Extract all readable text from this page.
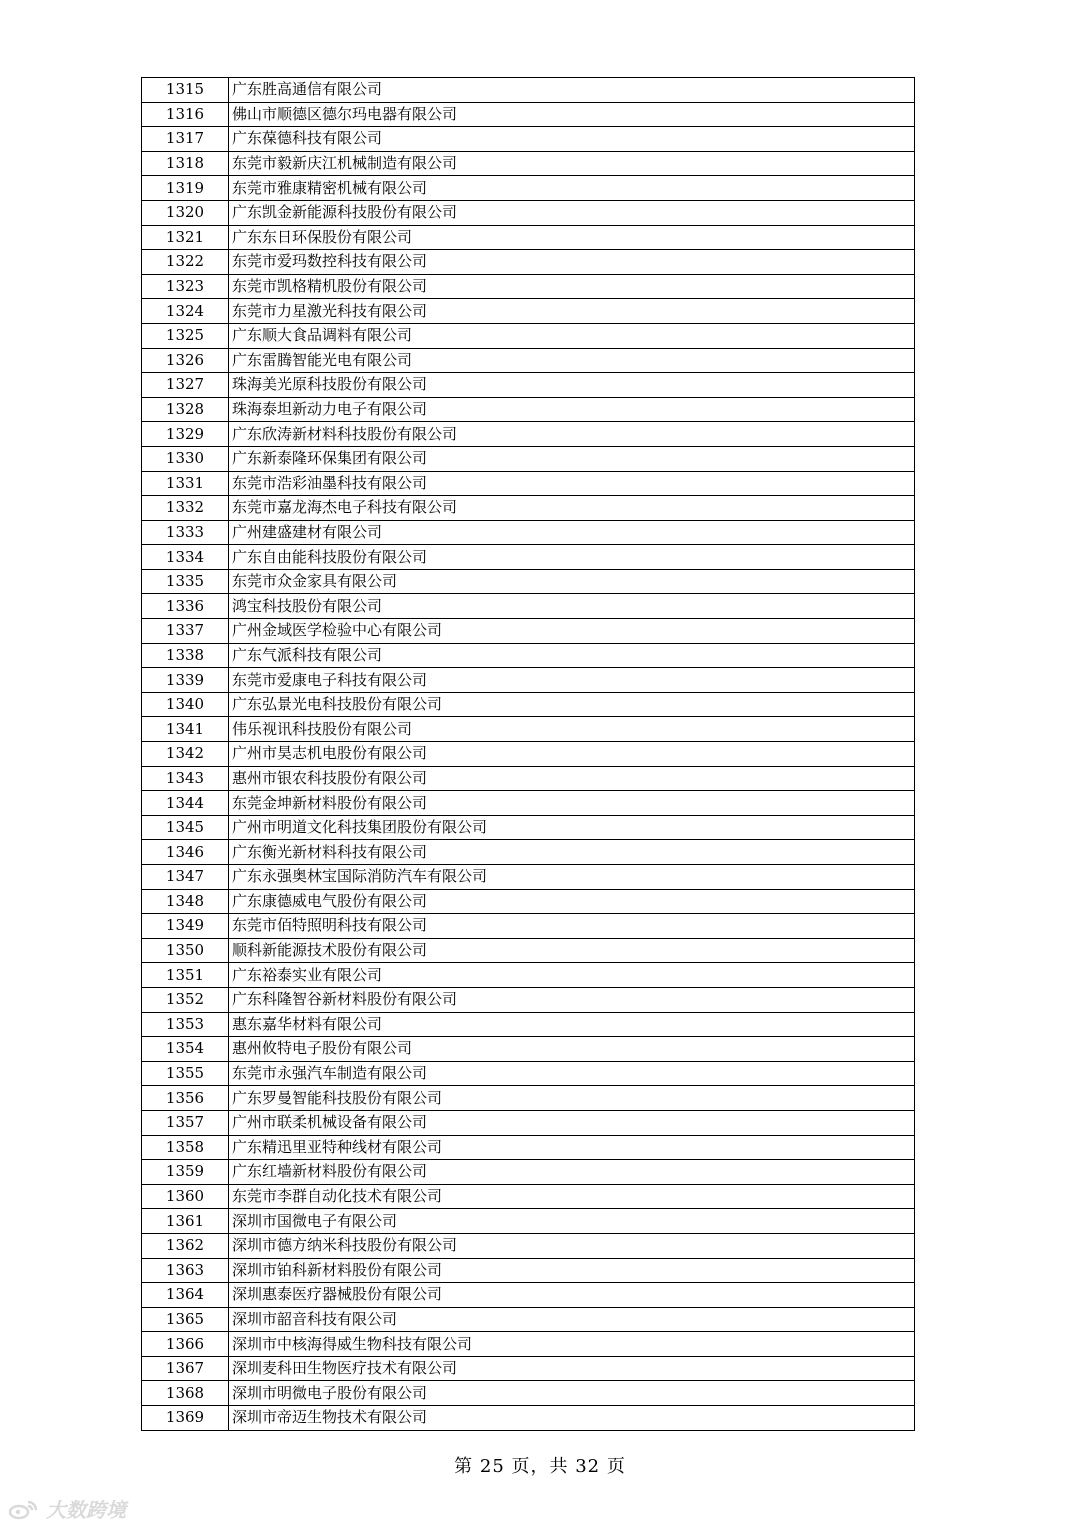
1315	广东胜高通信有限公司
1316	佛山市顺德区德尔玛电器有限公司
1317	广东葆德科技有限公司
1318	东莞市毅新庆江机械制造有限公司
1319	东莞市雅康精密机械有限公司
1320	广东凯金新能源科技股份有限公司
1321	广东东日环保股份有限公司
1322	东莞市爱玛数控科技有限公司
1323	东莞市凯格精机股份有限公司
1324	东莞市力星激光科技有限公司
1325	广东顺大食品调料有限公司
1326	广东雷腾智能光电有限公司
1327	珠海美光原科技股份有限公司
1328	珠海泰坦新动力电子有限公司
1329	广东欣涛新材料科技股份有限公司
1330	广东新泰隆环保集团有限公司
1331	东莞市浩彩油墨科技有限公司
1332	东莞市嘉龙海杰电子科技有限公司
1333	广州建盛建材有限公司
1334	广东自由能科技股份有限公司
1335	东莞市众金家具有限公司
1336	鸿宝科技股份有限公司
1337	广州金域医学检验中心有限公司
1338	广东气派科技有限公司
1339	东莞市爱康电子科技有限公司
1340	广东弘景光电科技股份有限公司
1341	伟乐视讯科技股份有限公司
1342	广州市昊志机电股份有限公司
1343	惠州市银农科技股份有限公司
1344	东莞金坤新材料股份有限公司
1345	广州市明道文化科技集团股份有限公司
1346	广东衡光新材料科技有限公司
1347	广东永强奥林宝国际消防汽车有限公司
1348	广东康德威电气股份有限公司
1349	东莞市佰特照明科技有限公司
1350	顺科新能源技术股份有限公司
1351	广东裕泰实业有限公司
1352	广东科隆智谷新材料股份有限公司
1353	惠东嘉华材料有限公司
1354	惠州攸特电子股份有限公司
1355	东莞市永强汽车制造有限公司
1356	广东罗曼智能科技股份有限公司
1357	广州市联柔机械设备有限公司
1358	广东精迅里亚特种线材有限公司
1359	广东红墙新材料股份有限公司
1360	东莞市李群自动化技术有限公司
1361	深圳市国微电子有限公司
1362	深圳市德方纳米科技股份有限公司
1363	深圳市铂科新材料股份有限公司
1364	深圳惠泰医疗器械股份有限公司
1365	深圳市韶音科技有限公司
1366	深圳市中核海得威生物科技有限公司
1367	深圳麦科田生物医疗技术有限公司
1368	深圳市明微电子股份有限公司
1369	深圳市帝迈生物技术有限公司
第 25 页，共 32 页
大数跨境
